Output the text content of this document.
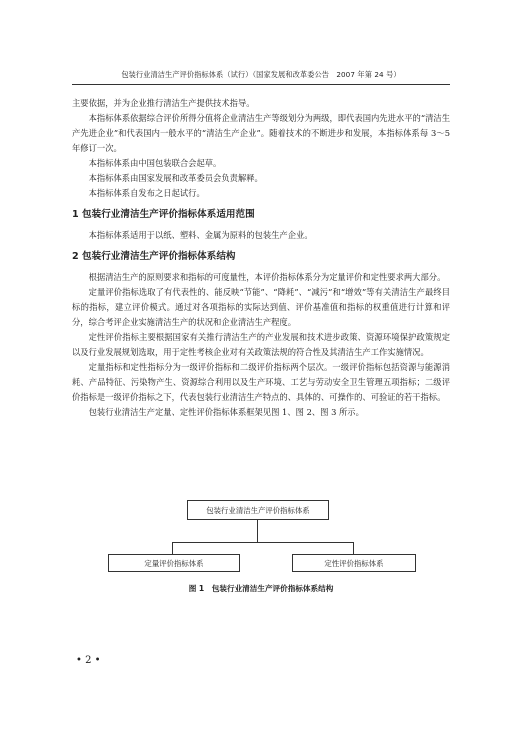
包装行业清洁生产评价指标体系（试行）（国家发展和改革委公告　2007 年第 24 号）

主要依据，并为企业推行清洁生产提供技术指导。

本指标体系依据综合评价所得分值将企业清洁生产等级划分为两级，即代表国内先进水平的“清洁生产先进企业”和代表国内一般水平的“清洁生产企业”。随着技术的不断进步和发展，本指标体系每 3～5 年修订一次。

本指标体系由中国包装联合会起草。

本指标体系由国家发展和改革委员会负责解释。

本指标体系自发布之日起试行。

1 包装行业清洁生产评价指标体系适用范围

本指标体系适用于以纸、塑料、金属为原料的包装生产企业。

2 包装行业清洁生产评价指标体系结构

根据清洁生产的原则要求和指标的可度量性，本评价指标体系分为定量评价和定性要求两大部分。

定量评价指标选取了有代表性的、能反映“节能”、“降耗”、“减污”和“增效”等有关清洁生产最终目标的指标，建立评价模式。通过对各项指标的实际达到值、评价基准值和指标的权重值进行计算和评分，综合考评企业实施清洁生产的状况和企业清洁生产程度。

定性评价指标主要根据国家有关推行清洁生产的产业发展和技术进步政策、资源环境保护政策规定以及行业发展规划选取，用于定性考核企业对有关政策法规的符合性及其清洁生产工作实施情况。

定量指标和定性指标分为一级评价指标和二级评价指标两个层次。一级评价指标包括资源与能源消耗、产品特征、污染物产生、资源综合利用以及生产环境、工艺与劳动安全卫生管理五项指标；二级评价指标是一级评价指标之下，代表包装行业清洁生产特点的、具体的、可操作的、可验证的若干指标。

包装行业清洁生产定量、定性评价指标体系框架见图 1、图 2、图 3 所示。

包装行业清洁生产评价指标体系
定量评价指标体系	定性评价指标体系
图 1　包装行业清洁生产评价指标体系结构
• 2 •
